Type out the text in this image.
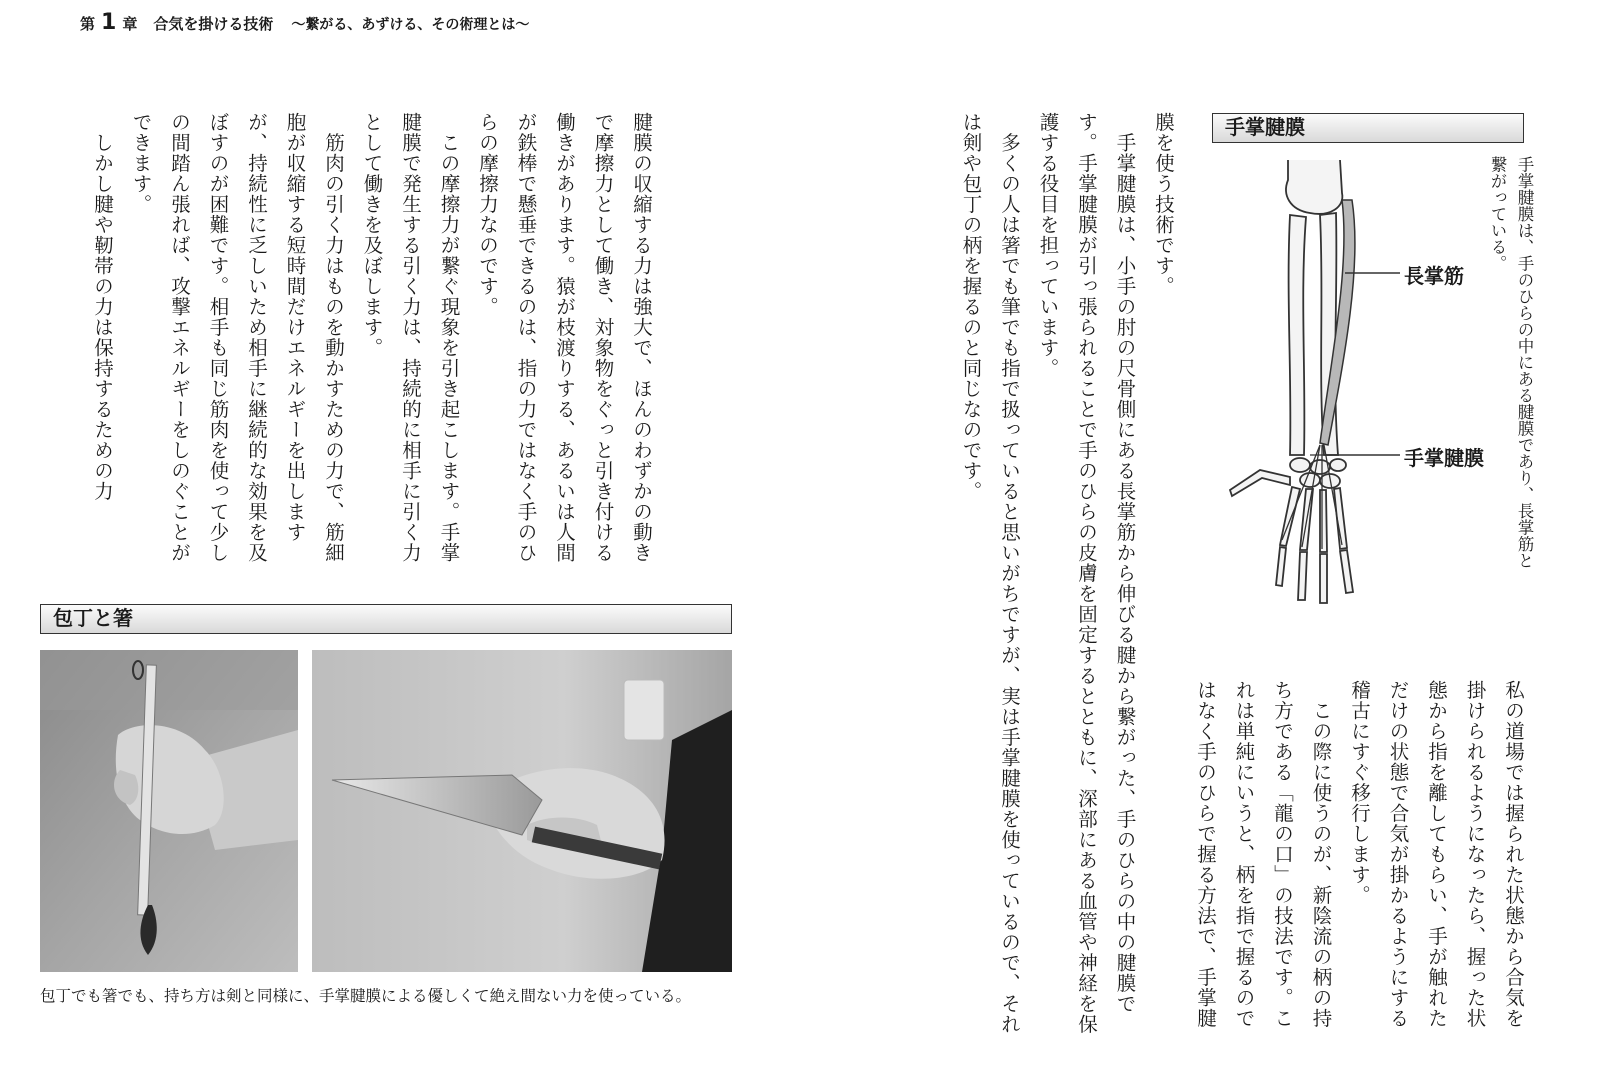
第 1 章 合気を掛ける技術 〜繋がる、あずける、その術理とは〜
腱膜の収縮する力は強大で、ほんのわずかの動きで摩擦力として働き、対象物をぐっと引き付ける働きがあります。猿が枝渡りする、あるいは人間が鉄棒で懸垂できるのは、指の力ではなく手のひらの摩擦力なのです。
　この摩擦力が繋ぐ現象を引き起こします。手掌腱膜で発生する引く力は、持続的に相手に引く力として働きを及ぼします。
　筋肉の引く力はものを動かすための力で、筋細胞が収縮する短時間だけエネルギーを出しますが、持続性に乏しいため相手に継続的な効果を及ぼすのが困難です。相手も同じ筋肉を使って少しの間踏ん張れば、攻撃エネルギーをしのぐことができます。
　しかし腱や靭帯の力は保持するための力
包丁と箸
包丁でも箸でも、持ち方は剣と同様に、手掌腱膜による優しくて絶え間ない力を使っている。
手掌腱膜
手掌腱膜は、手のひらの中にある腱膜であり、長掌筋と
繋がっている。
長掌筋
手掌腱膜
膜を使う技術です。
　手掌腱膜は、小手の肘の尺骨側にある長掌筋から伸びる腱から繋がった、手のひらの中の腱膜です。手掌腱膜が引っ張られることで手のひらの皮膚を固定するとともに、深部にある血管や神経を保護する役目を担っています。
　多くの人は箸でも筆でも指で扱っていると思いがちですが、実は手掌腱膜を使っているので、それは剣や包丁の柄を握るのと同じなのです。
私の道場では握られた状態から合気を掛けられるようになったら、握った状態から指を離してもらい、手が触れただけの状態で合気が掛かるようにする稽古にすぐ移行します。
　この際に使うのが、新陰流の柄の持ち方である「龍の口」の技法です。これは単純にいうと、柄を指で握るのではなく手のひらで握る方法で、手掌腱
